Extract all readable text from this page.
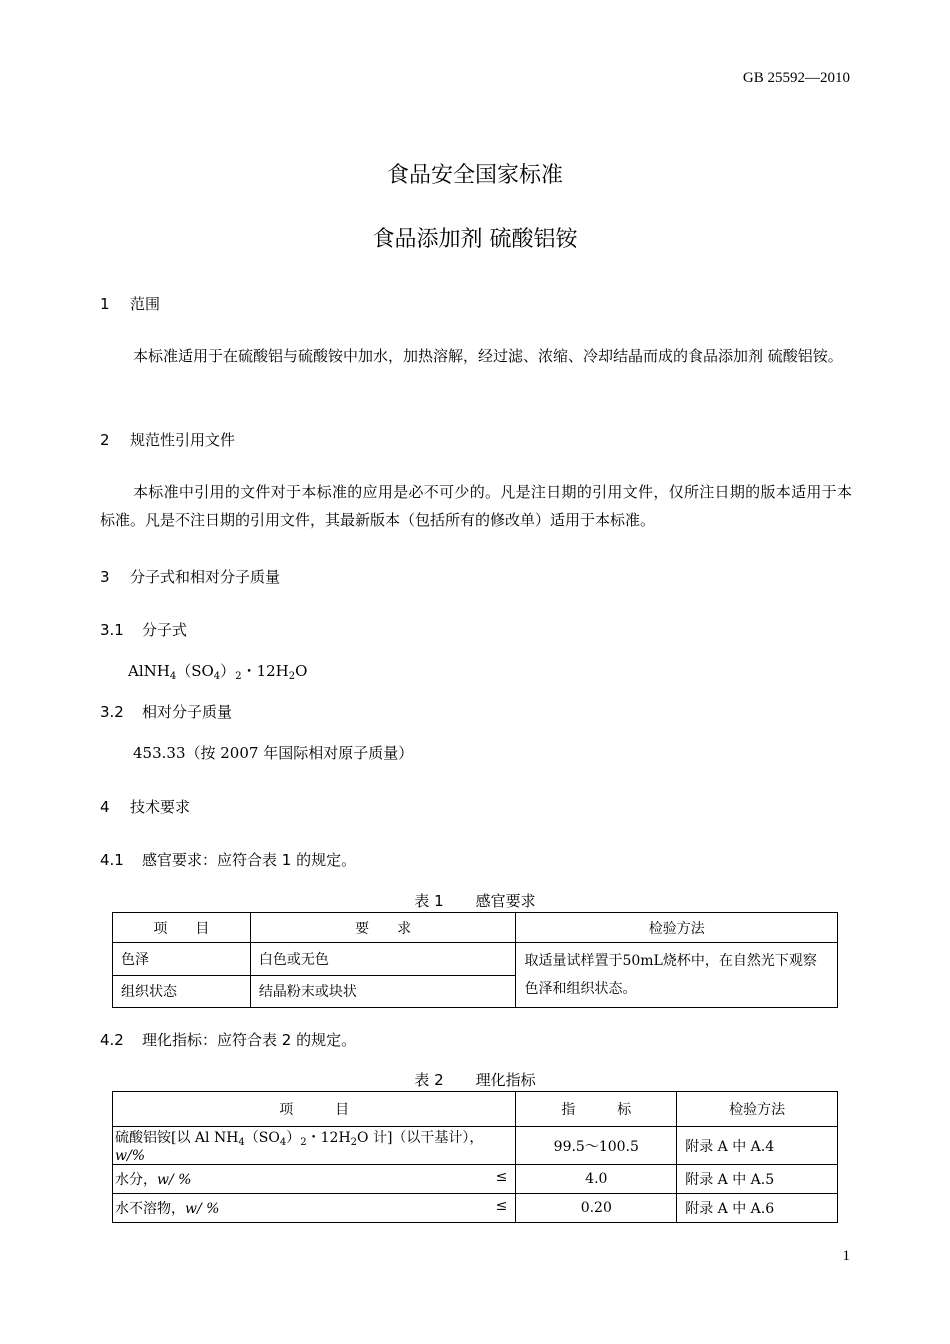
GB 25592—2010
食品安全国家标准
食品添加剂 硫酸铝铵
1 范围
本标准适用于在硫酸铝与硫酸铵中加水，加热溶解，经过滤、浓缩、冷却结晶而成的食品添加剂 硫酸铝铵。
2 规范性引用文件
本标准中引用的文件对于本标准的应用是必不可少的。凡是注日期的引用文件，仅所注日期的版本适用于本标准。凡是不注日期的引用文件，其最新版本（包括所有的修改单）适用于本标准。
3 分子式和相对分子质量
3.1 分子式
$AlNH_4(SO_4)_2$・$12H_2O$
3.2 相对分子质量
453.33（按 2007 年国际相对原子质量）
4 技术要求
4.1 感官要求：应符合表 1 的规定。
表 1 感官要求
项　　目	要　　求	检验方法
色泽	白色或无色	取适量试样置于50mL烧杯中，在自然光下观察色泽和组织状态。
组织状态	结晶粉末或块状	
4.2 理化指标：应符合表 2 的规定。
表 2 理化指标
项　　　目	指　　　标	检验方法
硫酸铝铵[以 Al $NH_4(SO_4)_2$・$12H_2O$ 计]（以干基计），w/%	99.5～100.5	附录 A 中 A.4
水分，w/ % ≤	4.0	附录 A 中 A.5
水不溶物，w/ % ≤	0.20	附录 A 中 A.6
1
